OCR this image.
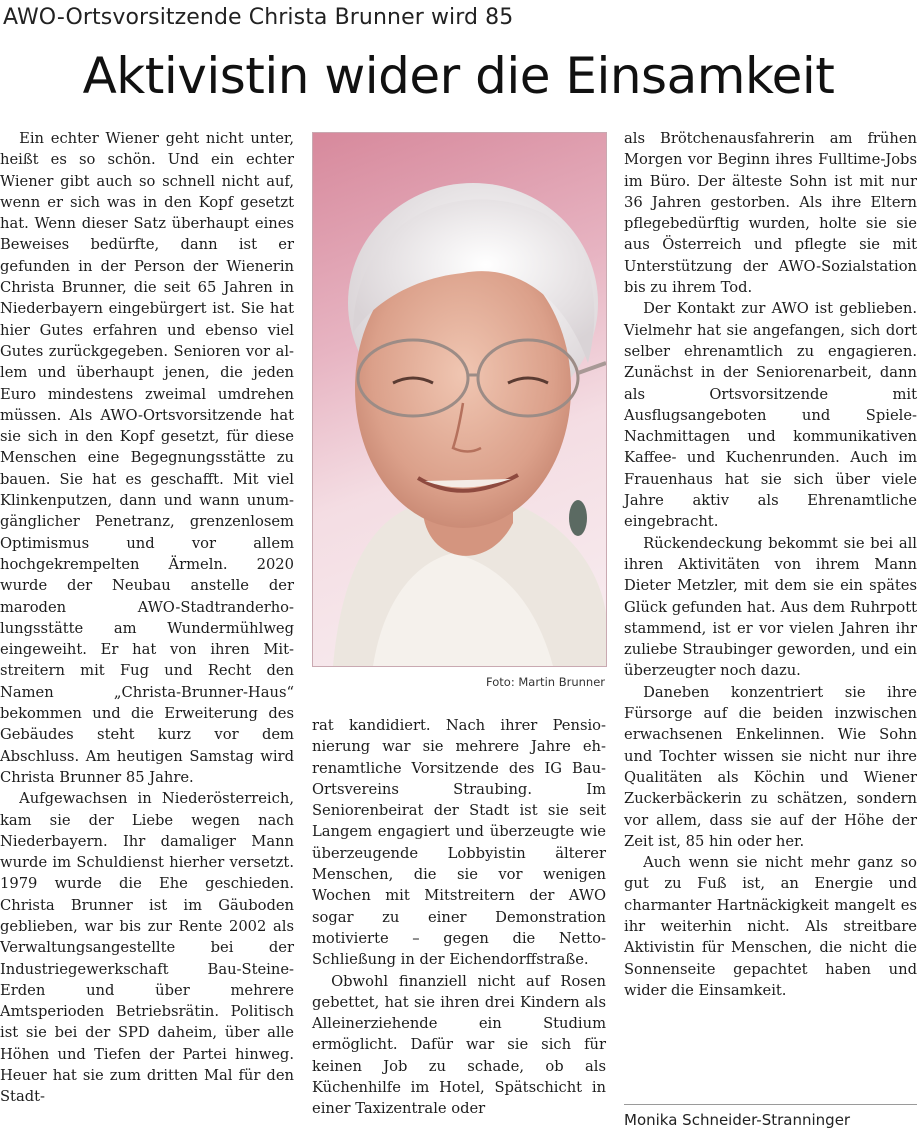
AWO-Ortsvorsitzende Christa Brunner wird 85
Aktivistin wider die Einsamkeit

Ein echter Wiener geht nicht unter, heißt es so schön. Und ein echter Wiener gibt auch so schnell nicht auf, wenn er sich was in den Kopf gesetzt hat. Wenn dieser Satz überhaupt eines Beweises bedürfte, dann ist er gefunden in der Person der Wienerin Christa Brunner, die seit 65 Jahren in Niederbayern eingebürgert ist. Sie hat hier Gutes erfahren und ebenso viel Gutes zurückgegeben. Senioren vor allem und überhaupt jenen, die jeden Euro mindestens zweimal umdrehen müssen. Als AWO-Ortsvorsitzende hat sie sich in den Kopf gesetzt, für diese Menschen eine Begegnungsstätte zu bauen. Sie hat es geschafft. Mit viel Klinkenputzen, dann und wann unumgänglicher Penetranz, grenzenlosem Optimismus und vor allem hochgekrempelten Ärmeln. 2020 wurde der Neubau anstelle der maroden AWO-Stadtranderholungsstätte am Wundermühlweg eingeweiht. Er hat von ihren Mitstreitern mit Fug und Recht den Namen „Christa-Brunner-Haus“ bekommen und die Erweiterung des Gebäudes steht kurz vor dem Abschluss. Am heutigen Samstag wird Christa Brunner 85 Jahre.

Aufgewachsen in Niederösterreich, kam sie der Liebe wegen nach Niederbayern. Ihr damaliger Mann wurde im Schuldienst hierher versetzt. 1979 wurde die Ehe geschieden. Christa Brunner ist im Gäuboden geblieben, war bis zur Rente 2002 als Verwaltungsangestellte bei der Industriegewerkschaft Bau-Steine-Erden und über mehrere Amtsperioden Betriebsrätin. Politisch ist sie bei der SPD daheim, über alle Höhen und Tiefen der Partei hinweg. Heuer hat sie zum dritten Mal für den Stadt-

Foto: Martin Brunner

rat kandidiert. Nach ihrer Pensionierung war sie mehrere Jahre ehrenamtliche Vorsitzende des IG Bau-Ortsvereins Straubing. Im Seniorenbeirat der Stadt ist sie seit Langem engagiert und überzeugte wie überzeugende Lobbyistin älterer Menschen, die sie vor wenigen Wochen mit Mitstreitern der AWO sogar zu einer Demonstration motivierte – gegen die Netto-Schließung in der Eichendorffstraße.

Obwohl finanziell nicht auf Rosen gebettet, hat sie ihren drei Kindern als Alleinerziehende ein Studium ermöglicht. Dafür war sie sich für keinen Job zu schade, ob als Küchenhilfe im Hotel, Spätschicht in einer Taxizentrale oder

als Brötchenausfahrerin am frühen Morgen vor Beginn ihres Fulltime-Jobs im Büro. Der älteste Sohn ist mit nur 36 Jahren gestorben. Als ihre Eltern pflegebedürftig wurden, holte sie sie aus Österreich und pflegte sie mit Unterstützung der AWO-Sozialstation bis zu ihrem Tod.

Der Kontakt zur AWO ist geblieben. Vielmehr hat sie angefangen, sich dort selber ehrenamtlich zu engagieren. Zunächst in der Seniorenarbeit, dann als Ortsvorsitzende mit Ausflugsangeboten und Spiele-Nachmittagen und kommunikativen Kaffee- und Kuchenrunden. Auch im Frauenhaus hat sie sich über viele Jahre aktiv als Ehrenamtliche eingebracht.

Rückendeckung bekommt sie bei all ihren Aktivitäten von ihrem Mann Dieter Metzler, mit dem sie ein spätes Glück gefunden hat. Aus dem Ruhrpott stammend, ist er vor vielen Jahren ihr zuliebe Straubinger geworden, und ein überzeugter noch dazu.

Daneben konzentriert sie ihre Fürsorge auf die beiden inzwischen erwachsenen Enkelinnen. Wie Sohn und Tochter wissen sie nicht nur ihre Qualitäten als Köchin und Wiener Zuckerbäckerin zu schätzen, sondern vor allem, dass sie auf der Höhe der Zeit ist, 85 hin oder her.

Auch wenn sie nicht mehr ganz so gut zu Fuß ist, an Energie und charmanter Hartnäckigkeit mangelt es ihr weiterhin nicht. Als streitbare Aktivistin für Menschen, die nicht die Sonnenseite gepachtet haben und wider die Einsamkeit.

Monika Schneider-Stranninger
